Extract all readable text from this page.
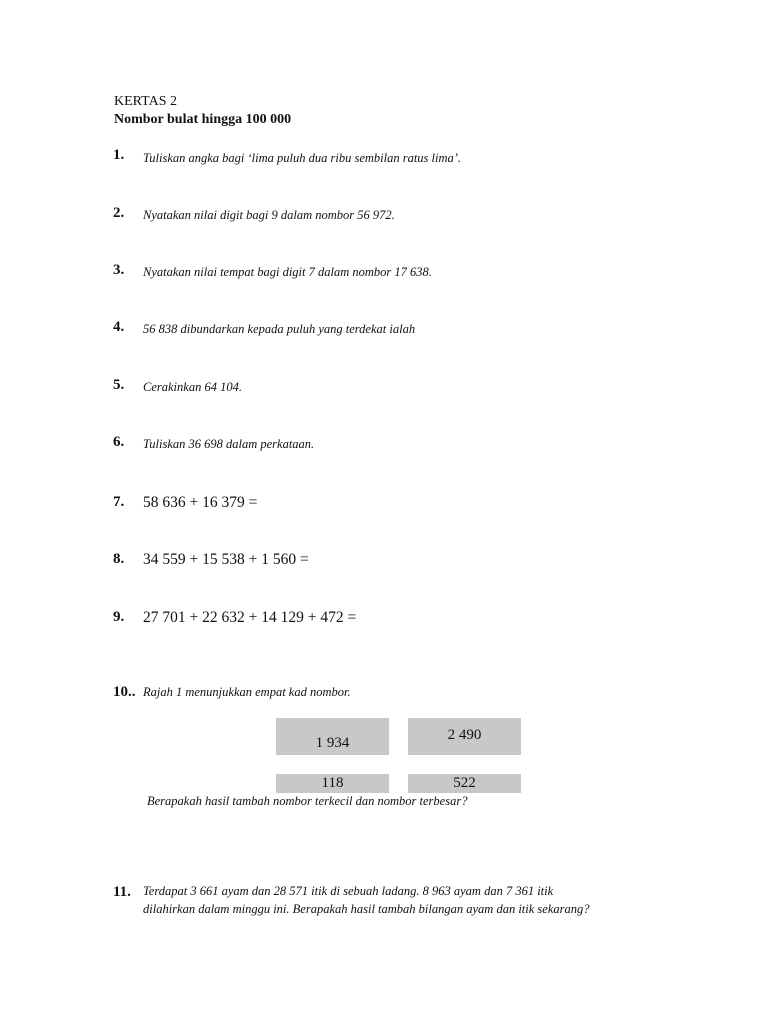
KERTAS 2
Nombor bulat hingga 100 000
1. Tuliskan angka bagi ‘lima puluh dua ribu sembilan ratus lima’.
2. Nyatakan nilai digit bagi 9 dalam nombor 56 972.
3. Nyatakan nilai tempat bagi digit 7 dalam nombor 17 638.
4. 56 838 dibundarkan kepada puluh yang terdekat ialah
5. Cerakinkan 64 104.
6. Tuliskan 36 698 dalam perkataan.
7. 58 636 + 16 379 =
8. 34 559 + 15 538 + 1 560 =
9. 27 701 + 22 632 + 14 129 + 472 =
10.. Rajah 1 menunjukkan empat kad nombor.
1 934	2 490
118	522
Berapakah hasil tambah nombor terkecil dan nombor terbesar?
11. Terdapat 3 661 ayam dan 28 571 itik di sebuah ladang. 8 963 ayam dan 7 361 itik
dilahirkan dalam minggu ini. Berapakah hasil tambah bilangan ayam dan itik sekarang?
